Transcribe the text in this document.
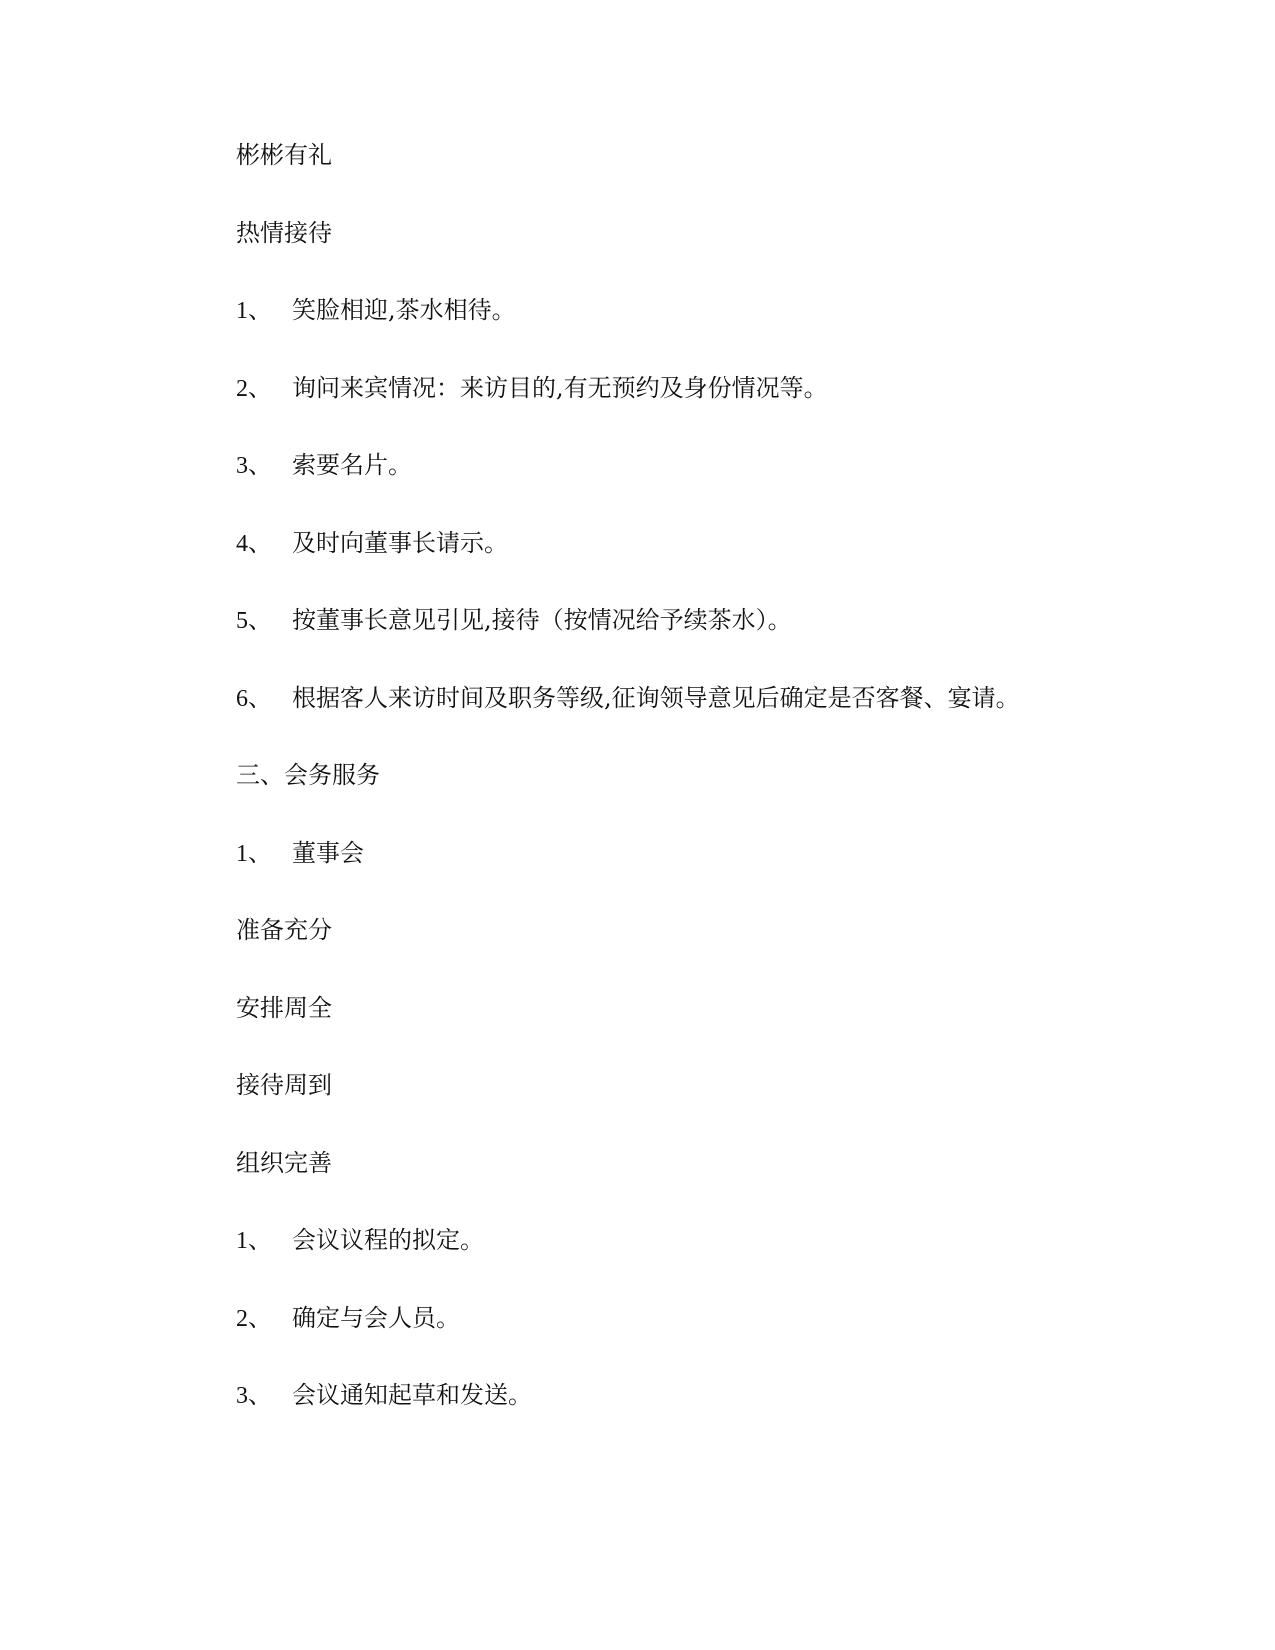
彬彬有礼
热情接待
1、 笑脸相迎,茶水相待。
2、 询问来宾情况：来访目的,有无预约及身份情况等。
3、 索要名片。
4、 及时向董事长请示。
5、 按董事长意见引见,接待（按情况给予续茶水）。
6、 根据客人来访时间及职务等级,征询领导意见后确定是否客餐、宴请。
三、会务服务
1、 董事会
准备充分
安排周全
接待周到
组织完善
1、 会议议程的拟定。
2、 确定与会人员。
3、 会议通知起草和发送。
